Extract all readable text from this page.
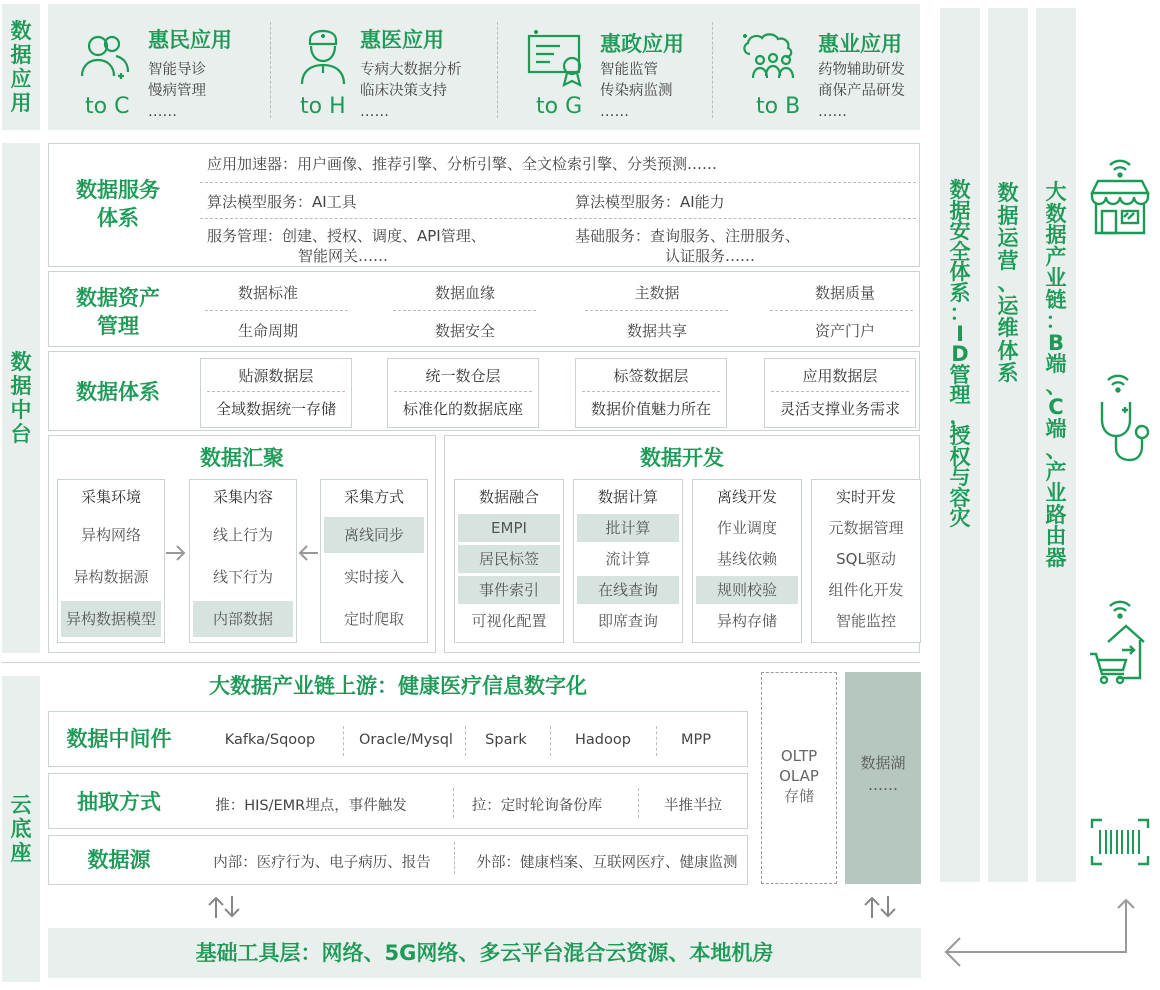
数
据
应
用
数
据
中
台
云
底
座
惠民应用
智能导诊
慢病管理
……
to C
惠医应用
专病大数据分析
临床决策支持
……
to H
惠政应用
智能监管
传染病监测
……
to G
惠业应用
药物辅助研发
商保产品研发
……
to B
数据服务
体系
应用加速器：用户画像、推荐引擎、分析引擎、全文检索引擎、分类预测……
算法模型服务：AI工具	算法模型服务：AI能力
服务管理：创建、授权、调度、API管理、
智能网关……
基础服务：查询服务、注册服务、
认证服务……
数据资产
管理
数据标准	数据血缘	主数据	数据质量
生命周期	数据安全	数据共享	资产门户
数据体系
贴源数据层
全域数据统一存储
统一数仓层
标准化的数据底座
标签数据层
数据价值魅力所在
应用数据层
灵活支撑业务需求
数据汇聚	数据开发
采集环境
异构网络
异构数据源
异构数据模型
采集内容
线上行为
线下行为
内部数据
采集方式
离线同步
实时接入
定时爬取
数据融合
EMPI
居民标签
事件索引
可视化配置
数据计算
批计算
流计算
在线查询
即席查询
离线开发
作业调度
基线依赖
规则校验
异构存储
实时开发
元数据管理
SQL驱动
组件化开发
智能监控
大数据产业链上游：健康医疗信息数字化
数据中间件	Kafka/Sqoop	Oracle/Mysql	Spark	Hadoop	MPP
抽取方式	推：HIS/EMR埋点，事件触发	拉：定时轮询备份库	半推半拉
数据源	内部：医疗行为、电子病历、报告	外部：健康档案、互联网医疗、健康监测
OLTP
OLAP
存储
数据湖
……
基础工具层：网络、5G网络、多云平台混合云资源、本地机房
数
据
安
全
体
系
：
I
D
管
理
，
授
权
与
容
灾
数
据
运
营
、
运
维
体
系
大
数
据
产
业
链
：
B
端
、
C
端
、
产
业
路
由
器
